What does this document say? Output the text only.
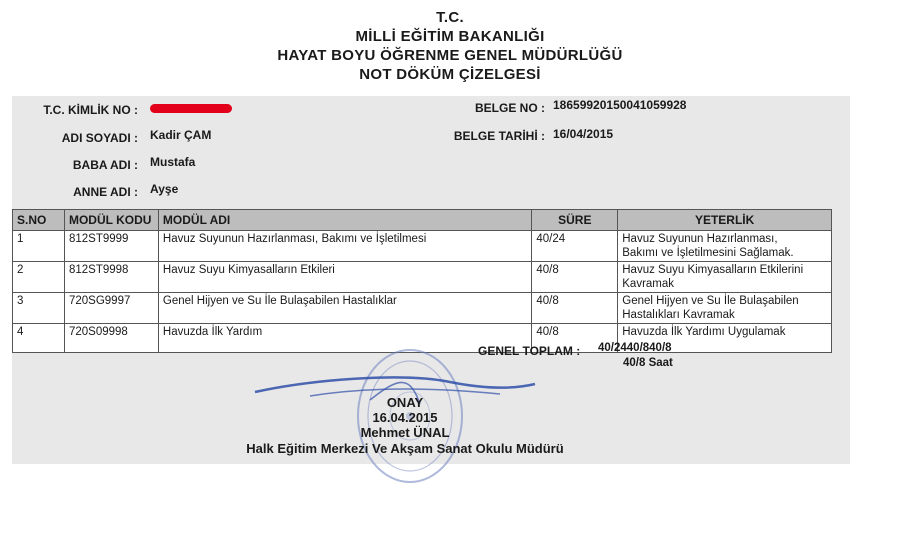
T.C.
MİLLİ EĞİTİM BAKANLIĞI
HAYAT BOYU ÖĞRENME GENEL MÜDÜRLÜĞÜ
NOT DÖKÜM ÇİZELGESİ
T.C. KİMLİK NO :
ADI SOYADI : Kadir ÇAM
BABA ADI : Mustafa
ANNE ADI : Ayşe
BELGE NO : 18659920150041059928
BELGE TARİHİ : 16/04/2015
S.NO	MODÜL KODU	MODÜL ADI	SÜRE	YETERLİK
1	812ST9999	Havuz Suyunun Hazırlanması, Bakımı ve İşletilmesi	40/24	Havuz Suyunun Hazırlanması,
Bakımı ve İşletilmesini Sağlamak.

2	812ST9998	Havuz Suyu Kimyasalların Etkileri	40/8	Havuz Suyu Kimyasalların Etkilerini
Kavramak

3	720SG9997	Genel Hijyen ve Su İle Bulaşabilen Hastalıklar	40/8	Genel Hijyen ve Su İle Bulaşabilen
Hastalıkları Kavramak

4	720S09998	Havuzda İlk Yardım	40/8	Havuzda İlk Yardımı Uygulamak
GENEL TOPLAM : 40/2440/840/8
40/8 Saat
ONAY
16.04.2015
Mehmet ÜNAL
Halk Eğitim Merkezi Ve Akşam Sanat Okulu Müdürü
